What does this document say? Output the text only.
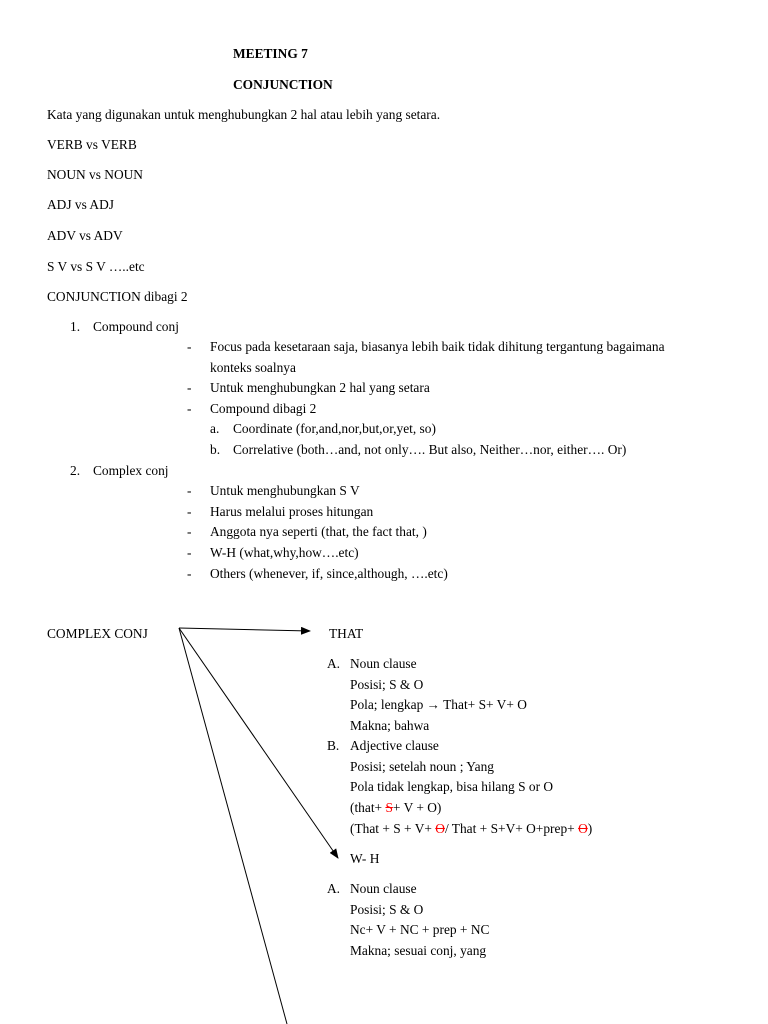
MEETING 7
CONJUNCTION
Kata yang digunakan untuk menghubungkan 2 hal atau lebih yang setara.
VERB vs VERB
NOUN vs NOUN
ADJ vs ADJ
ADV vs ADV
S V vs S V …..etc
CONJUNCTION dibagi 2
1. Compound conj
- Focus pada kesetaraan saja, biasanya lebih baik tidak dihitung tergantung bagaimana
konteks soalnya
- Untuk menghubungkan 2 hal yang setara
- Compound dibagi 2
a. Coordinate (for,and,nor,but,or,yet, so)
b. Correlative (both…and, not only…. But also, Neither…nor, either…. Or)
2. Complex conj
- Untuk menghubungkan S V
- Harus melalui proses hitungan
- Anggota nya seperti (that, the fact that, )
- W-H (what,why,how….etc)
- Others (whenever, if, since,although, ….etc)
COMPLEX CONJ	THAT
A. Noun clause
Posisi; S & O
Pola; lengkap → That+ S+ V+ O
Makna; bahwa
B. Adjective clause
Posisi; setelah noun ; Yang
Pola tidak lengkap, bisa hilang S or O
(that+ S+ V + O)
(That + S + V+ O/ That + S+V+ O+prep+ O)
W- H
A. Noun clause
Posisi; S & O
Nc+ V + NC + prep + NC
Makna; sesuai conj, yang
